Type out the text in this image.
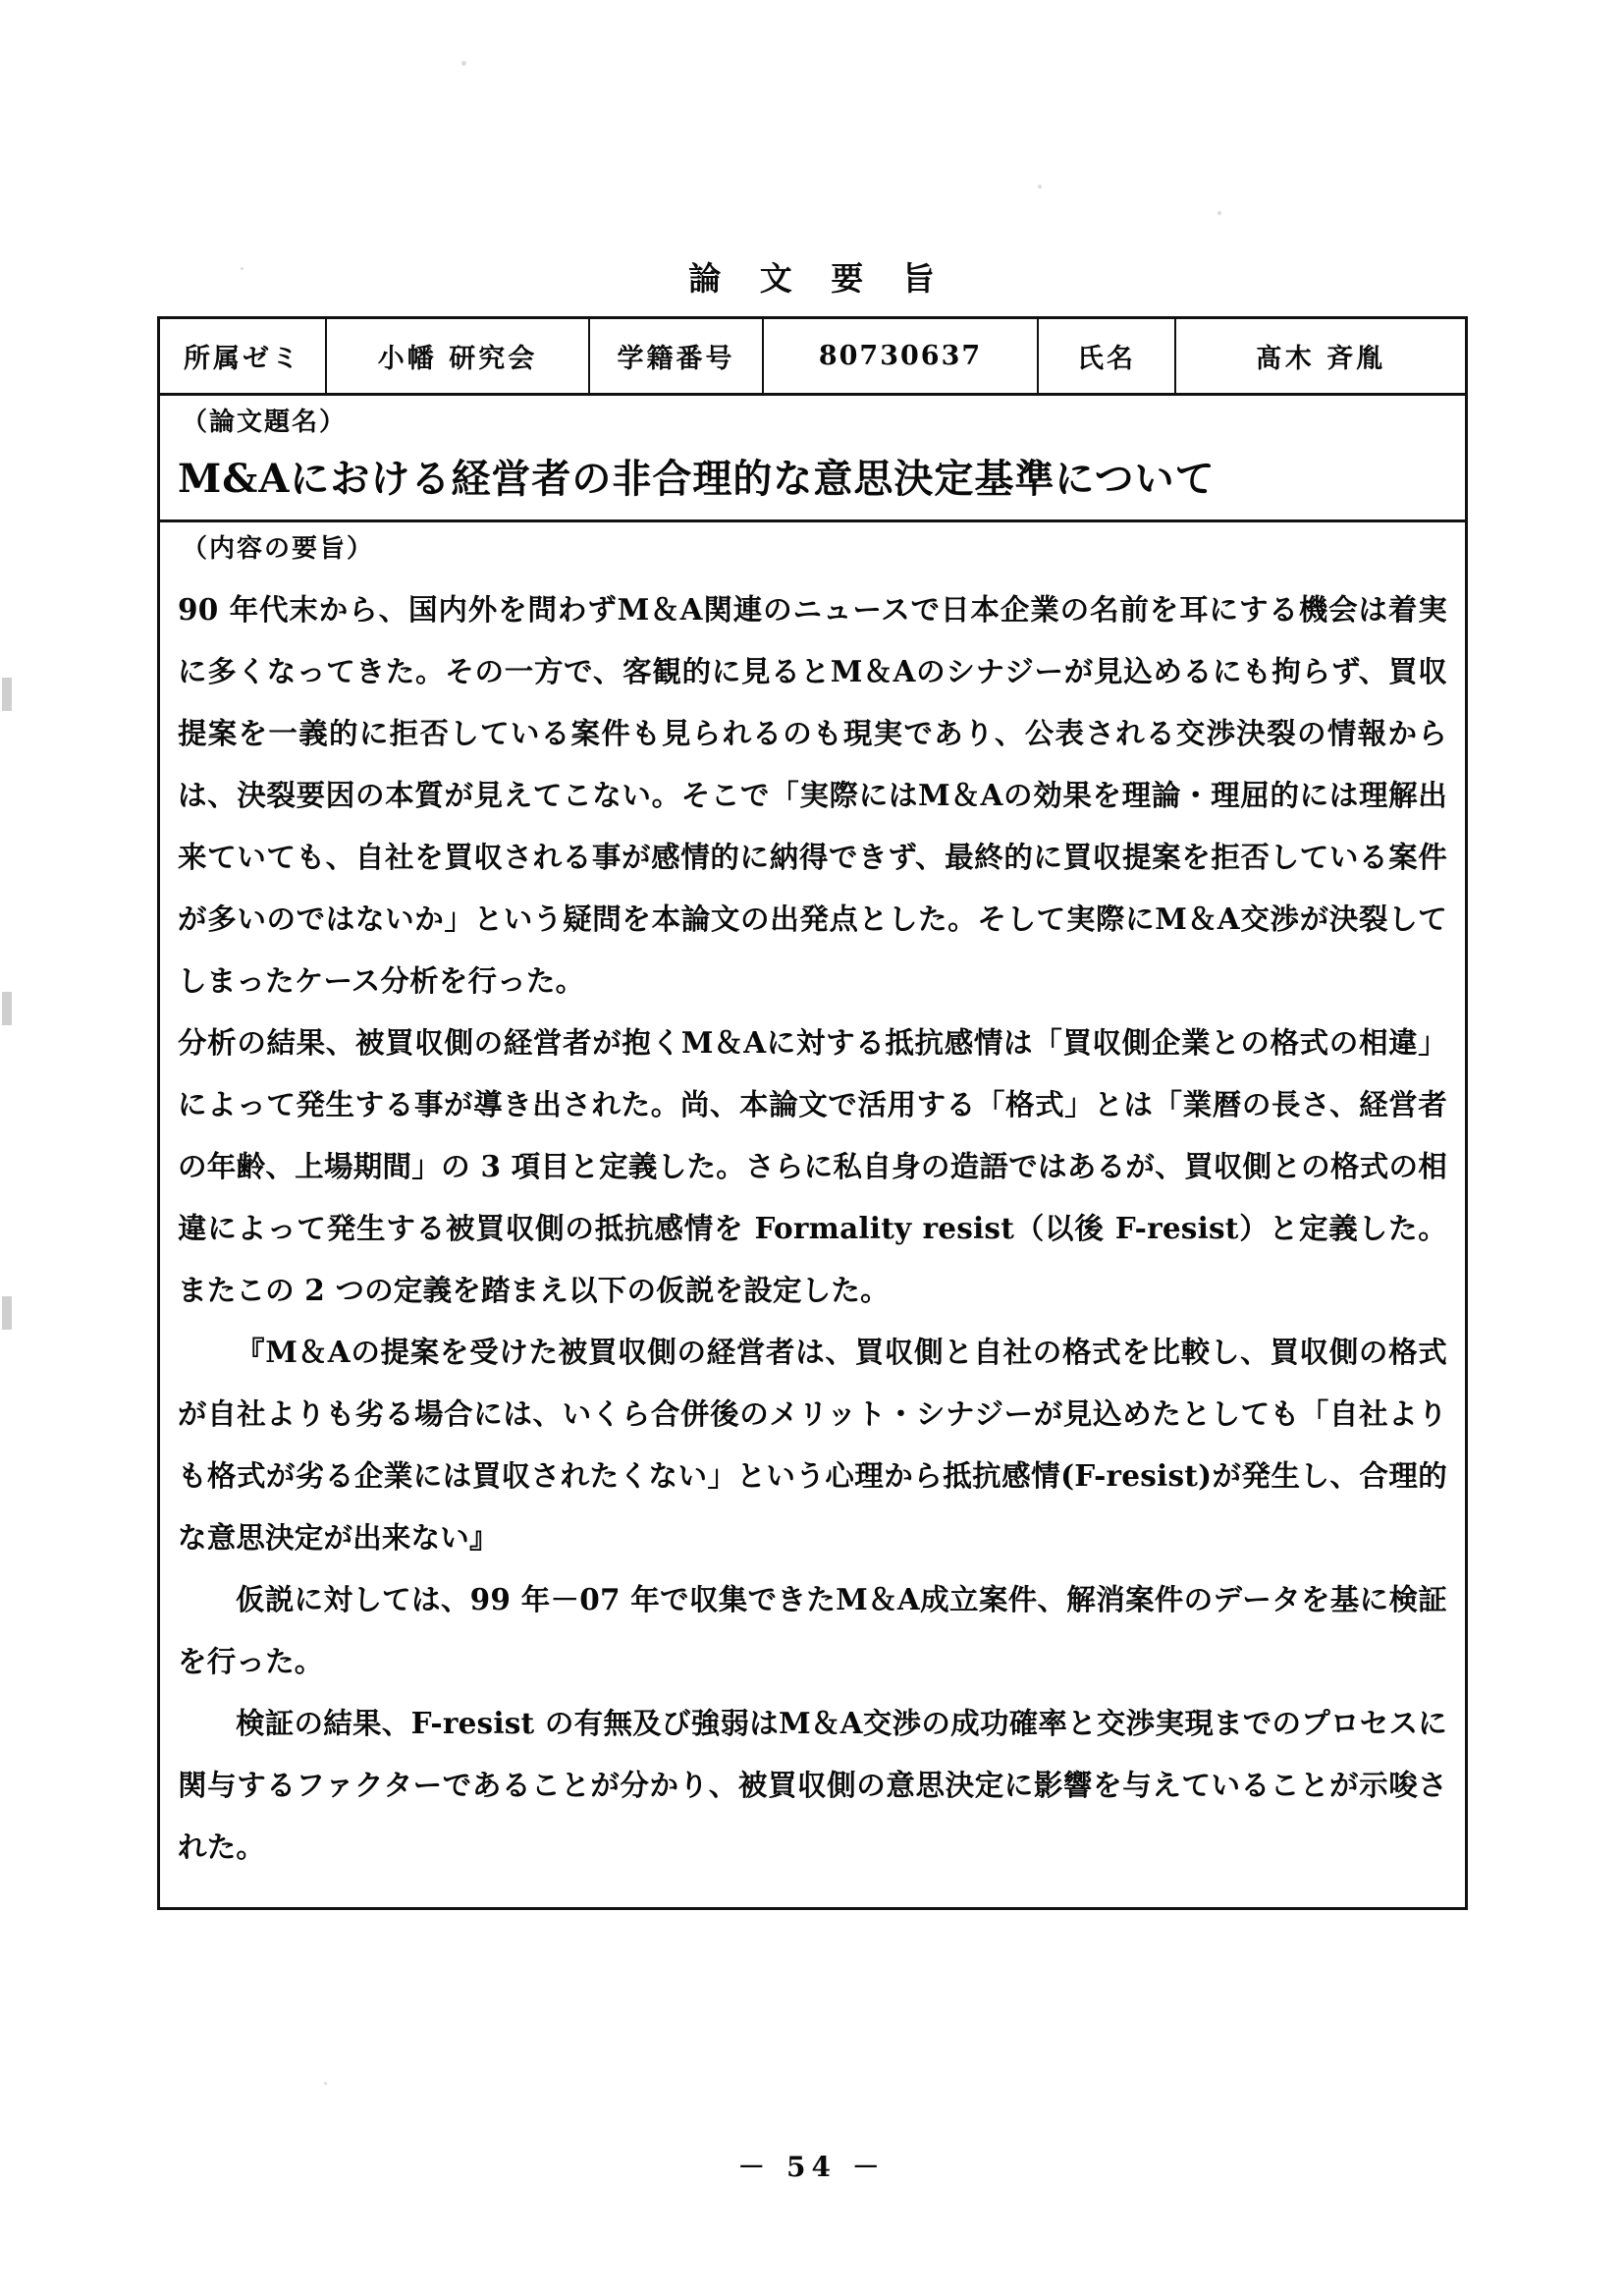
論 文 要 旨
所属ゼミ	小幡 研究会	学籍番号	80730637	氏名	髙木 斉胤
（論文題名）
M&Aにおける経営者の非合理的な意思決定基準について
（内容の要旨）
90 年代末から、国内外を問わずM＆A関連のニュースで日本企業の名前を耳にする機会は着実に多くなってきた。その一方で、客観的に見るとM＆Aのシナジーが見込めるにも拘らず、買収提案を一義的に拒否している案件も見られるのも現実であり、公表される交渉決裂の情報からは、決裂要因の本質が見えてこない。そこで「実際にはM＆Aの効果を理論・理屈的には理解出来ていても、自社を買収される事が感情的に納得できず、最終的に買収提案を拒否している案件が多いのではないか」という疑問を本論文の出発点とした。そして実際にM＆A交渉が決裂してしまったケース分析を行った。
分析の結果、被買収側の経営者が抱くM＆Aに対する抵抗感情は「買収側企業との格式の相違」によって発生する事が導き出された。尚、本論文で活用する「格式」とは「業暦の長さ、経営者の年齢、上場期間」の 3 項目と定義した。さらに私自身の造語ではあるが、買収側との格式の相違によって発生する被買収側の抵抗感情を Formality resist（以後 F-resist）と定義した。またこの 2 つの定義を踏まえ以下の仮説を設定した。
『M＆Aの提案を受けた被買収側の経営者は、買収側と自社の格式を比較し、買収側の格式が自社よりも劣る場合には、いくら合併後のメリット・シナジーが見込めたとしても「自社よりも格式が劣る企業には買収されたくない」という心理から抵抗感情(F-resist)が発生し、合理的な意思決定が出来ない』
仮説に対しては、99 年－07 年で収集できたM＆A成立案件、解消案件のデータを基に検証を行った。
検証の結果、F-resist の有無及び強弱はM＆A交渉の成功確率と交渉実現までのプロセスに関与するファクターであることが分かり、被買収側の意思決定に影響を与えていることが示唆された。
－ 54 －
